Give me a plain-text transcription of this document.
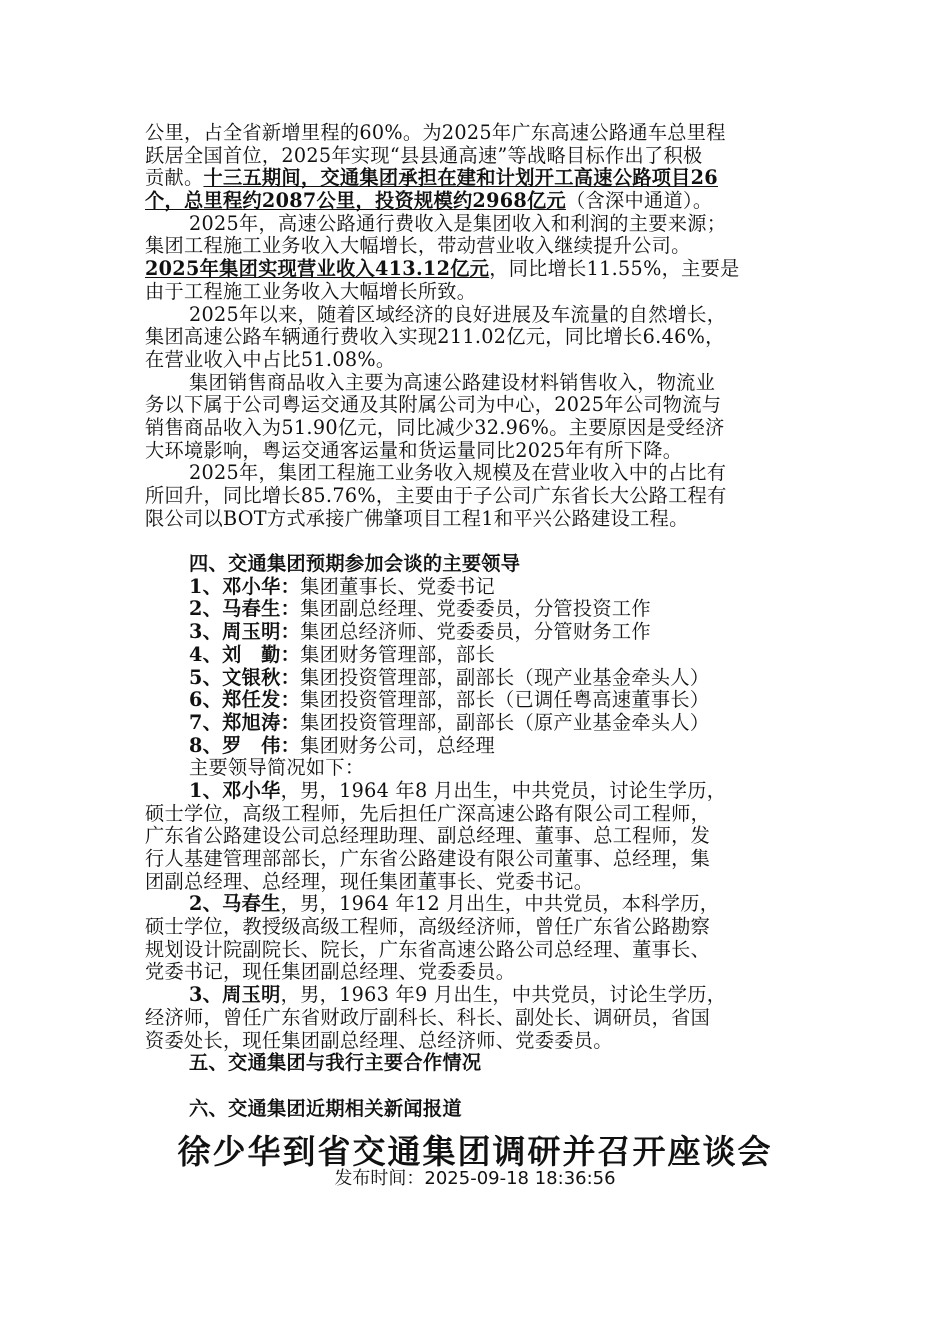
公里，占全省新增里程的60%。为2025年广东高速公路通车总里程
跃居全国首位，2025年实现“县县通高速”等战略目标作出了积极
贡献。十三五期间，交通集团承担在建和计划开工高速公路项目26
个，总里程约2087公里，投资规模约2968亿元（含深中通道）。
2025年，高速公路通行费收入是集团收入和利润的主要来源；
集团工程施工业务收入大幅增长，带动营业收入继续提升公司。
2025年集团实现营业收入413.12亿元，同比增长11.55%，主要是
由于工程施工业务收入大幅增长所致。
2025年以来，随着区域经济的良好进展及车流量的自然增长，
集团高速公路车辆通行费收入实现211.02亿元，同比增长6.46%，
在营业收入中占比51.08%。
集团销售商品收入主要为高速公路建设材料销售收入，物流业
务以下属于公司粤运交通及其附属公司为中心，2025年公司物流与
销售商品收入为51.90亿元，同比减少32.96%。主要原因是受经济
大环境影响，粤运交通客运量和货运量同比2025年有所下降。
2025年，集团工程施工业务收入规模及在营业收入中的占比有
所回升，同比增长85.76%，主要由于子公司广东省长大公路工程有
限公司以BOT方式承接广佛肇项目工程1和平兴公路建设工程。
四、交通集团预期参加会谈的主要领导
1、邓小华：集团董事长、党委书记
2、马春生：集团副总经理、党委委员，分管投资工作
3、周玉明：集团总经济师、党委委员，分管财务工作
4、刘　勤：集团财务管理部，部长
5、文银秋：集团投资管理部，副部长（现产业基金牵头人）
6、郑任发：集团投资管理部，部长（已调任粤高速董事长）
7、郑旭涛：集团投资管理部，副部长（原产业基金牵头人）
8、罗　伟：集团财务公司，总经理
主要领导简况如下：
1、邓小华，男，1964 年8 月出生，中共党员，讨论生学历，
硕士学位，高级工程师，先后担任广深高速公路有限公司工程师，
广东省公路建设公司总经理助理、副总经理、董事、总工程师，发
行人基建管理部部长，广东省公路建设有限公司董事、总经理，集
团副总经理、总经理，现任集团董事长、党委书记。
2、马春生，男，1964 年12 月出生，中共党员，本科学历，
硕士学位，教授级高级工程师，高级经济师，曾任广东省公路勘察
规划设计院副院长、院长，广东省高速公路公司总经理、董事长、
党委书记，现任集团副总经理、党委委员。
3、周玉明，男，1963 年9 月出生，中共党员，讨论生学历，
经济师，曾任广东省财政厅副科长、科长、副处长、调研员，省国
资委处长，现任集团副总经理、总经济师、党委委员。
五、交通集团与我行主要合作情况
六、交通集团近期相关新闻报道
徐少华到省交通集团调研并召开座谈会
发布时间：2025-09-18 18:36:56
